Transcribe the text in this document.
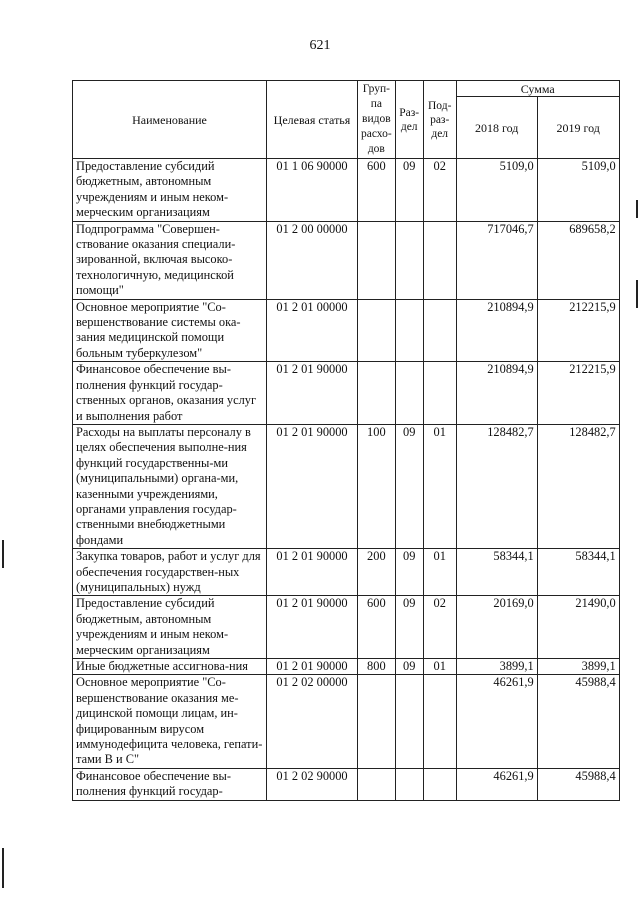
621
Наименование	Целевая статья	Груп-па видов расхо-дов	Раз-дел	Под-раз-дел	Сумма	
					2018 год	2019 год
Предоставление субсидий бюджетным, автономным учреждениям и иным неком-мерческим организациям	01 1 06 90000	600	09	02	5109,0	5109,0
Подпрограмма "Совершен-ствование оказания специали-зированной, включая высоко-технологичную, медицинской помощи"	01 2 00 00000				717046,7	689658,2
Основное мероприятие "Со-вершенствование системы ока-зания медицинской помощи больным туберкулезом"	01 2 01 00000				210894,9	212215,9
Финансовое обеспечение вы-полнения функций государ-ственных органов, оказания услуг и выполнения работ	01 2 01 90000				210894,9	212215,9
Расходы на выплаты персоналу в целях обеспечения выполне-ния функций государственны-ми (муниципальными) органа-ми, казенными учреждениями, органами управления государ-ственными внебюджетными фондами	01 2 01 90000	100	09	01	128482,7	128482,7
Закупка товаров, работ и услуг для обеспечения государствен-ных (муниципальных) нужд	01 2 01 90000	200	09	01	58344,1	58344,1
Предоставление субсидий бюджетным, автономным учреждениям и иным неком-мерческим организациям	01 2 01 90000	600	09	02	20169,0	21490,0
Иные бюджетные ассигнова-ния	01 2 01 90000	800	09	01	3899,1	3899,1
Основное мероприятие "Со-вершенствование оказания ме-дицинской помощи лицам, ин-фицированным вирусом иммунодефицита человека, гепати-тами В и С"	01 2 02 00000				46261,9	45988,4
Финансовое обеспечение вы-полнения функций государ-	01 2 02 90000				46261,9	45988,4
